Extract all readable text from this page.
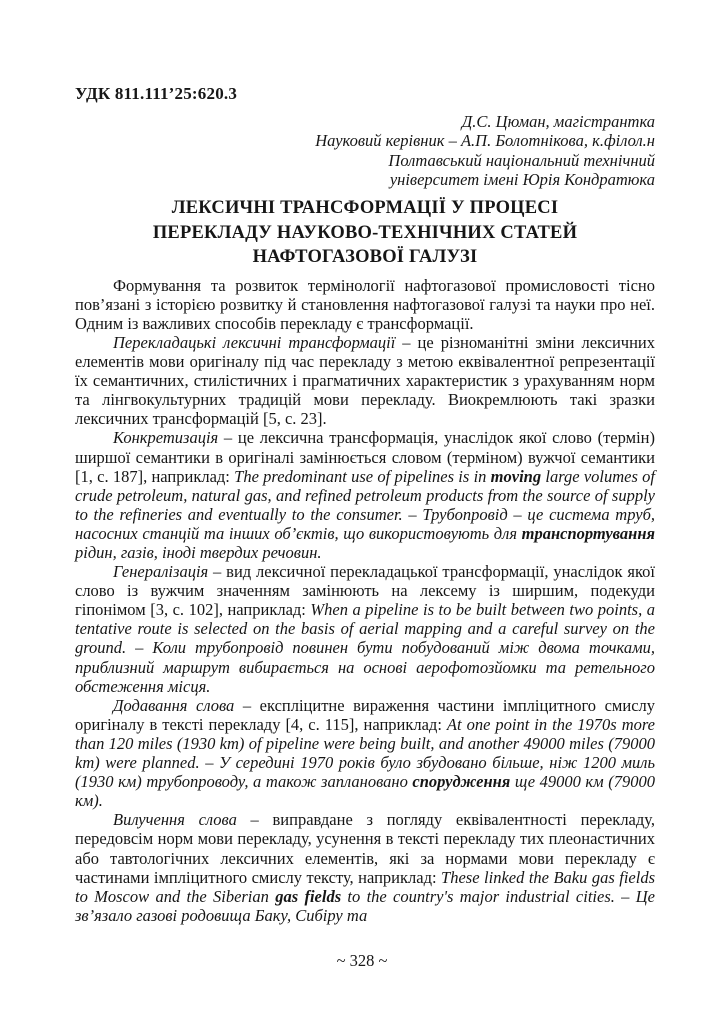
УДК 811.111’25:620.3
Д.С. Цюман, магістрантка
Науковий керівник – А.П. Болотнікова, к.філол.н
Полтавський національний технічний
університет імені Юрія Кондратюка
ЛЕКСИЧНІ ТРАНСФОРМАЦІЇ У ПРОЦЕСІ
ПЕРЕКЛАДУ НАУКОВО-ТЕХНІЧНИХ СТАТЕЙ
НАФТОГАЗОВОЇ ГАЛУЗІ

Формування та розвиток термінології нафтогазової промисловості тісно пов’язані з історією розвитку й становлення нафтогазової галузі та науки про неї. Одним із важливих способів перекладу є трансформації.

Перекладацькі лексичні трансформації – це різноманітні зміни лексичних елементів мови оригіналу під час перекладу з метою еквівалентної репрезентації їх семантичних, стилістичних і прагматичних характеристик з урахуванням норм та лінгвокультурних традицій мови перекладу. Виокремлюють такі зразки лексичних трансформацій [5, с. 23].

Конкретизація – це лексична трансформація, унаслідок якої слово (термін) ширшої семантики в оригіналі замінюється словом (терміном) вужчої семантики [1, с. 187], наприклад: The predominant use of pipelines is in moving large volumes of crude petroleum, natural gas, and refined petroleum products from the source of supply to the refineries and eventually to the consumer. – Трубопровід – це система труб, насосних станцій та інших об’єктів, що використовують для транспортування рідин, газів, іноді твердих речовин.

Генералізація – вид лексичної перекладацької трансформації, унаслідок якої слово із вужчим значенням замінюють на лексему із ширшим, подекуди гіпонімом [3, с. 102], наприклад: When a pipeline is to be built between two points, a tentative route is selected on the basis of aerial mapping and a careful survey on the ground. – Коли трубопровід повинен бути побудований між двома точками, приблизний маршрут вибирається на основі аерофотозйомки та ретельного обстеження місця.

Додавання слова – експліцитне вираження частини імпліцитного смислу оригіналу в тексті перекладу [4, с. 115], наприклад: At one point in the 1970s more than 120 miles (1930 km) of pipeline were being built, and another 49000 miles (79000 km) were planned. – У середині 1970 років було збудовано більше, ніж 1200 миль (1930 км) трубопроводу, а також заплановано спорудження ще 49000 км (79000 км).

Вилучення слова – виправдане з погляду еквівалентності перекладу, передовсім норм мови перекладу, усунення в тексті перекладу тих плеонастичних або тавтологічних лексичних елементів, які за нормами мови перекладу є частинами імпліцитного смислу тексту, наприклад: These linked the Baku gas fields to Moscow and the Siberian gas fields to the country's major industrial cities. – Це зв’язало газові родовища Баку, Сибіру та

~ 328 ~
